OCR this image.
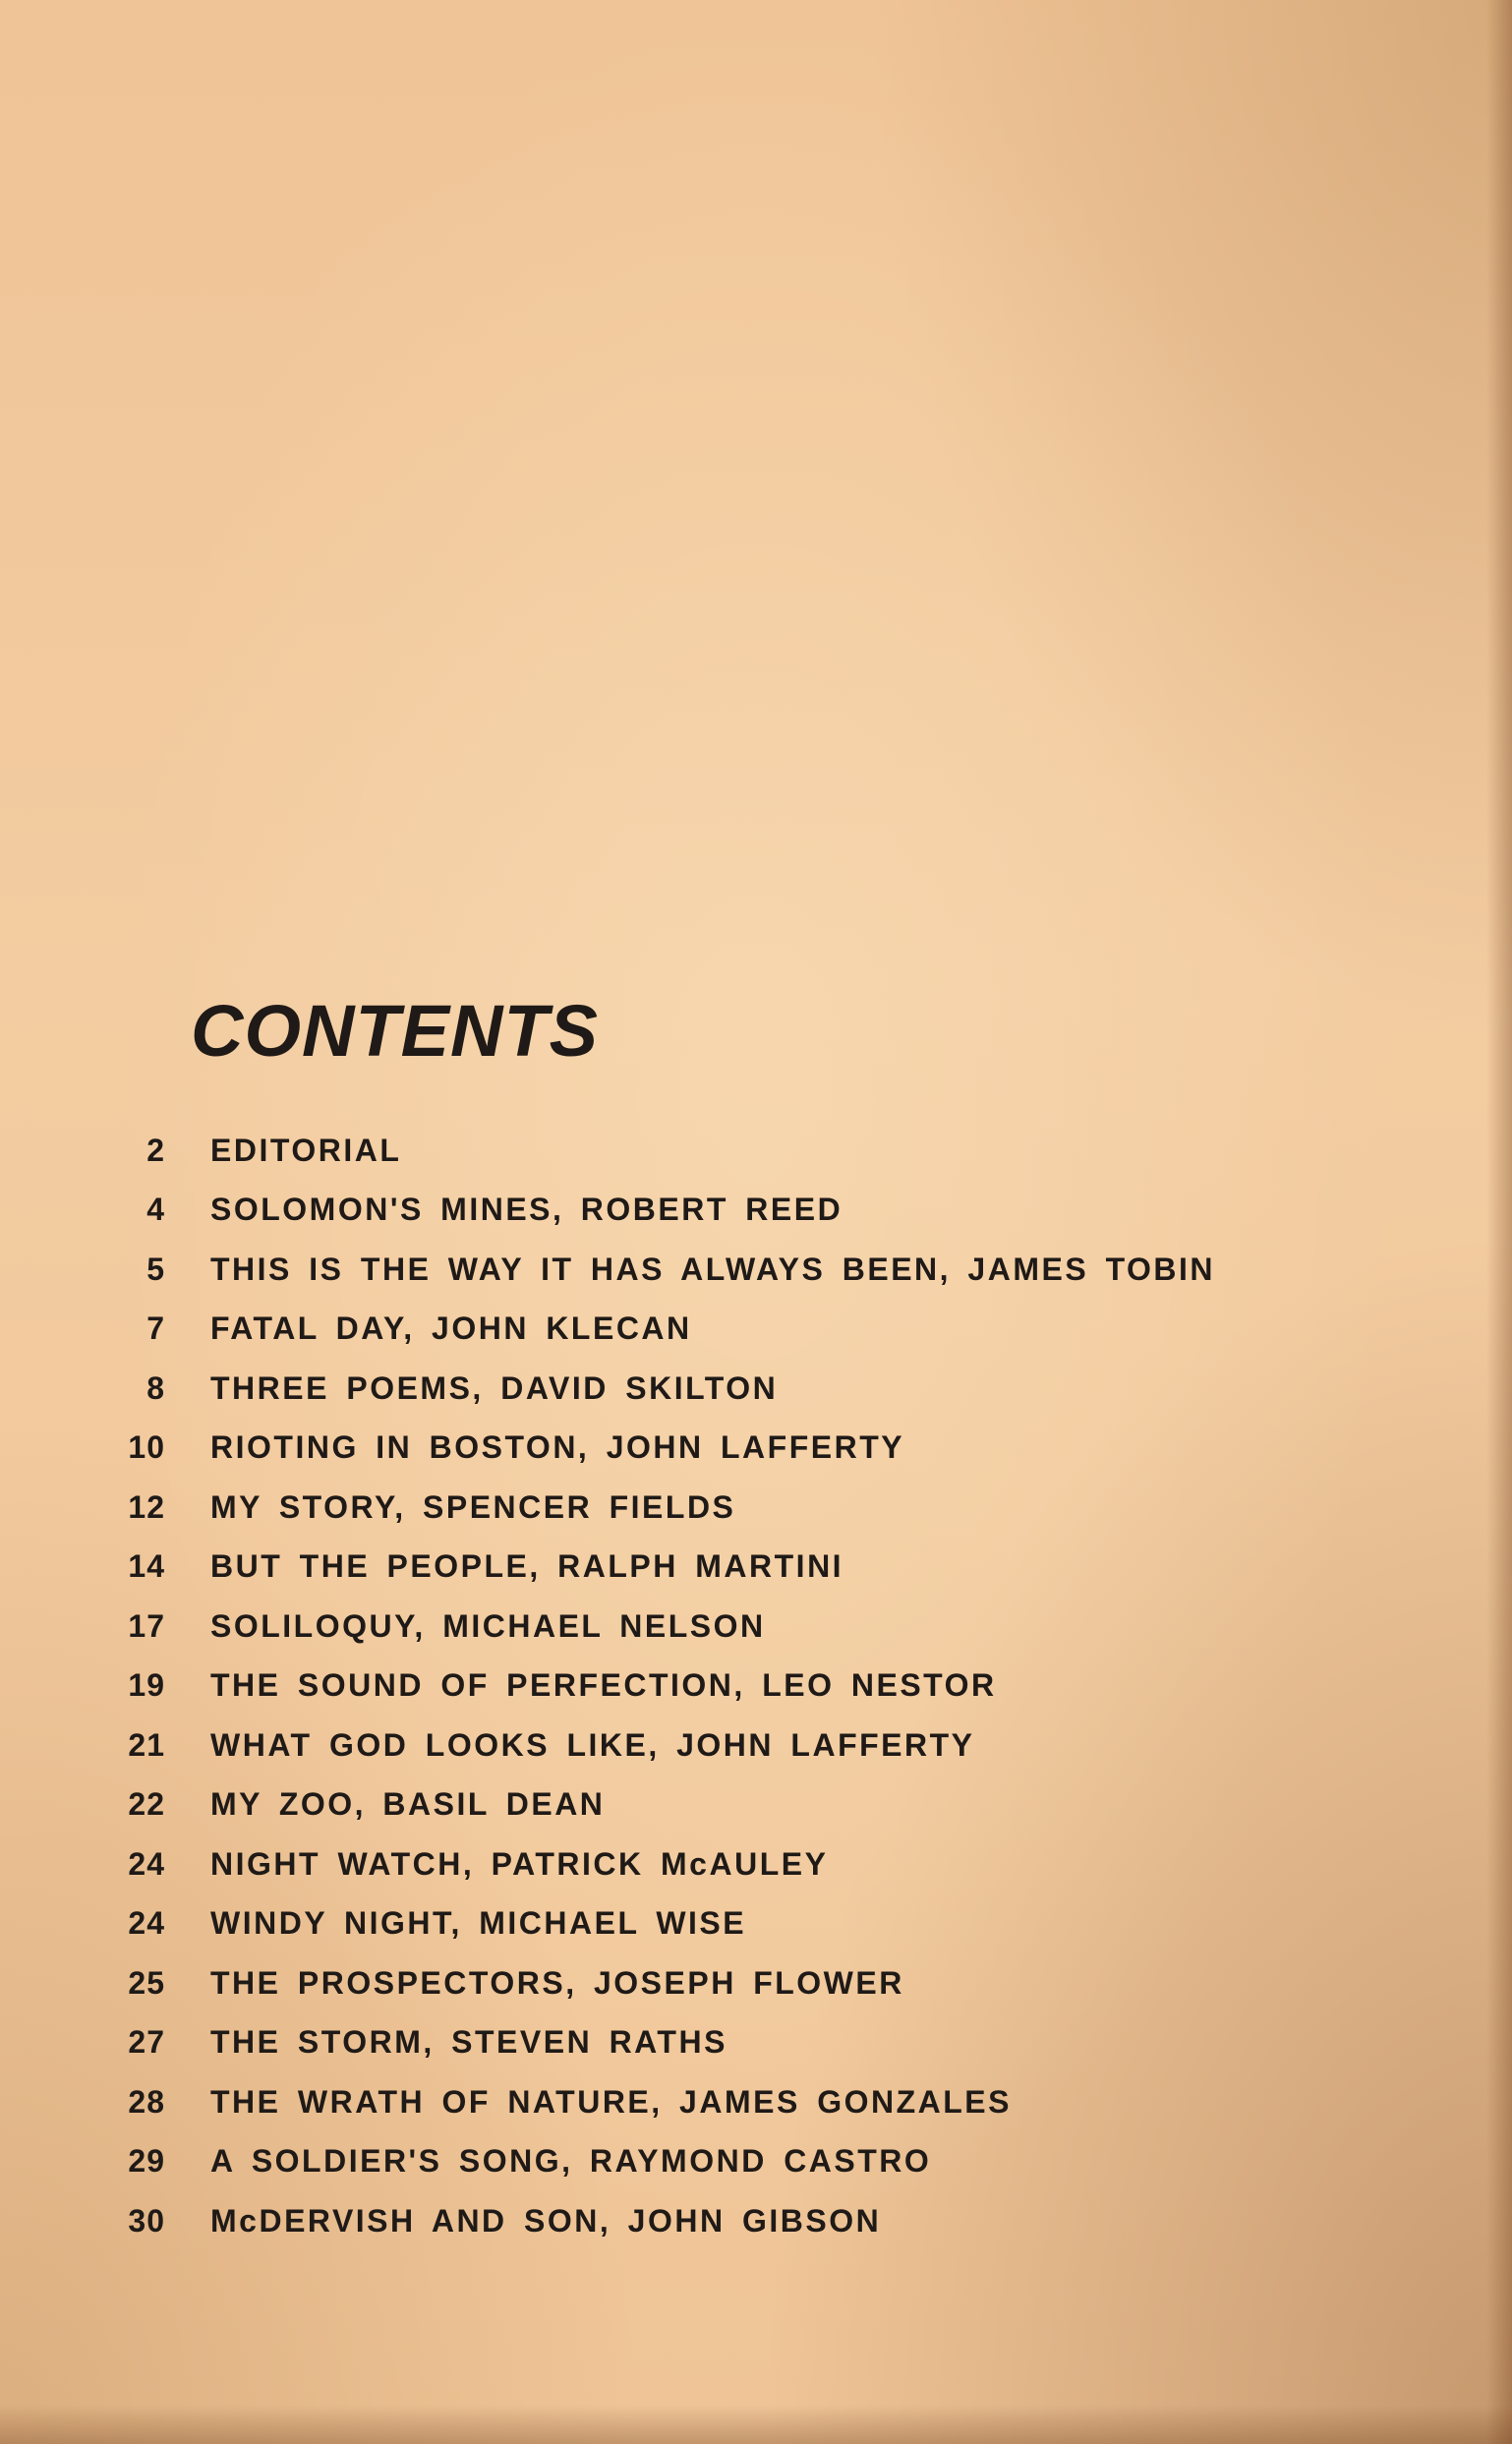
CONTENTS
2 EDITORIAL
4 SOLOMON'S MINES, ROBERT REED
5 THIS IS THE WAY IT HAS ALWAYS BEEN, JAMES TOBIN
7 FATAL DAY, JOHN KLECAN
8 THREE POEMS, DAVID SKILTON
10 RIOTING IN BOSTON, JOHN LAFFERTY
12 MY STORY, SPENCER FIELDS
14 BUT THE PEOPLE, RALPH MARTINI
17 SOLILOQUY, MICHAEL NELSON
19 THE SOUND OF PERFECTION, LEO NESTOR
21 WHAT GOD LOOKS LIKE, JOHN LAFFERTY
22 MY ZOO, BASIL DEAN
24 NIGHT WATCH, PATRICK McAULEY
24 WINDY NIGHT, MICHAEL WISE
25 THE PROSPECTORS, JOSEPH FLOWER
27 THE STORM, STEVEN RATHS
28 THE WRATH OF NATURE, JAMES GONZALES
29 A SOLDIER'S SONG, RAYMOND CASTRO
30 McDERVISH AND SON, JOHN GIBSON
